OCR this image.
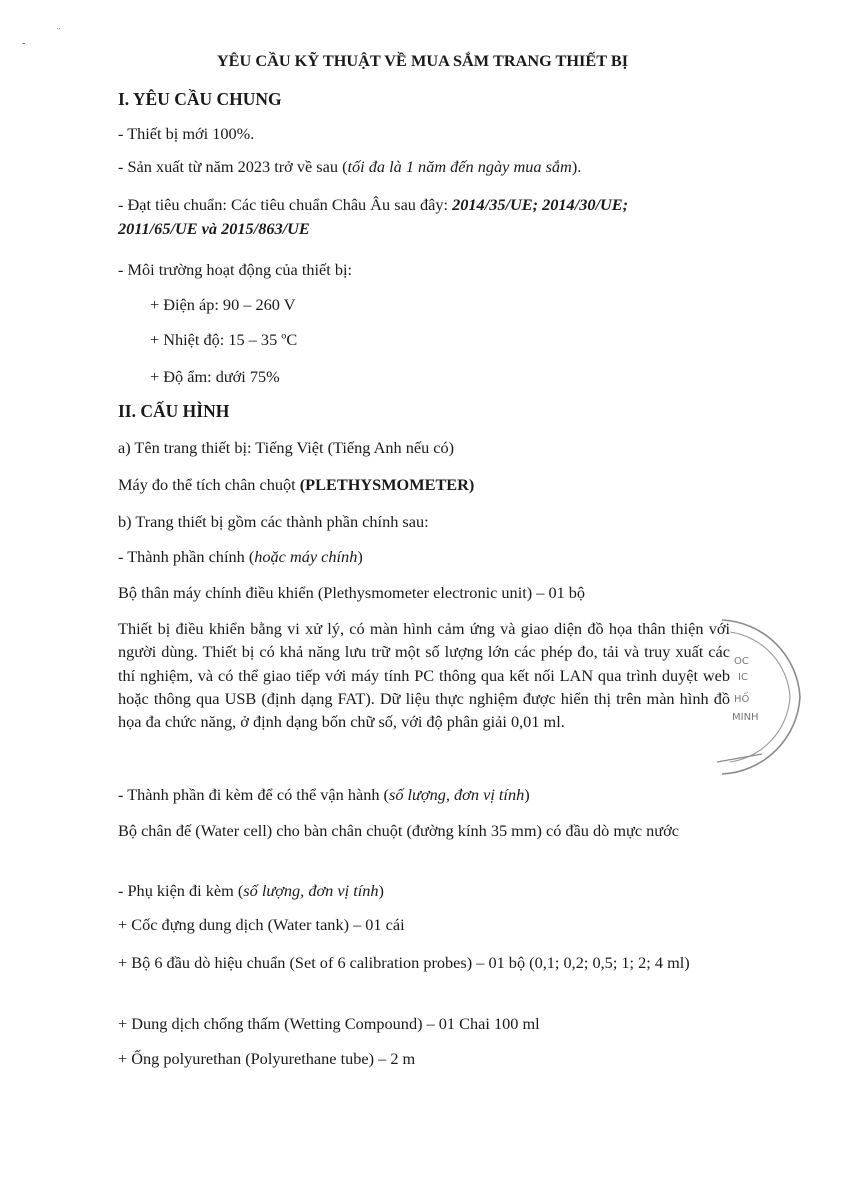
-
ᵕ
YÊU CẦU KỸ THUẬT VỀ MUA SẮM TRANG THIẾT BỊ
I. YÊU CẦU CHUNG
- Thiết bị mới 100%.
- Sản xuất từ năm 2023 trở về sau (tối đa là 1 năm đến ngày mua sắm).
- Đạt tiêu chuẩn: Các tiêu chuẩn Châu Âu sau đây: 2014/35/UE; 2014/30/UE;
2011/65/UE và 2015/863/UE
- Môi trường hoạt động của thiết bị:
+ Điện áp: 90 – 260 V
+ Nhiệt độ: 15 – 35 ºC
+ Độ ẩm: dưới 75%
II. CẤU HÌNH
a) Tên trang thiết bị: Tiếng Việt (Tiếng Anh nếu có)
Máy đo thể tích chân chuột (PLETHYSMOMETER)
b) Trang thiết bị gồm các thành phần chính sau:
- Thành phần chính (hoặc máy chính)
Bộ thân máy chính điều khiển (Plethysmometer electronic unit) – 01 bộ
Thiết bị điều khiển bằng vi xử lý, có màn hình cảm ứng và giao diện đồ họa thân thiện với người dùng. Thiết bị có khả năng lưu trữ một số lượng lớn các phép đo, tải và truy xuất các thí nghiệm, và có thể giao tiếp với máy tính PC thông qua kết nối LAN qua trình duyệt web hoặc thông qua USB (định dạng FAT). Dữ liệu thực nghiệm được hiển thị trên màn hình đồ họa đa chức năng, ở định dạng bốn chữ số, với độ phân giải 0,01 ml.
- Thành phần đi kèm để có thể vận hành (số lượng, đơn vị tính)
Bộ chân đế (Water cell) cho bàn chân chuột (đường kính 35 mm) có đầu dò mực nước
- Phụ kiện đi kèm (số lượng, đơn vị tính)
+ Cốc đựng dung dịch (Water tank) – 01 cái
+ Bộ 6 đầu dò hiệu chuẩn (Set of 6 calibration probes) – 01 bộ (0,1; 0,2; 0,5; 1; 2; 4 ml)
+ Dung dịch chống thấm (Wetting Compound) – 01 Chai 100 ml
+ Ống polyurethan (Polyurethane tube) – 2 m
OC
IC
HỐ
MINH
